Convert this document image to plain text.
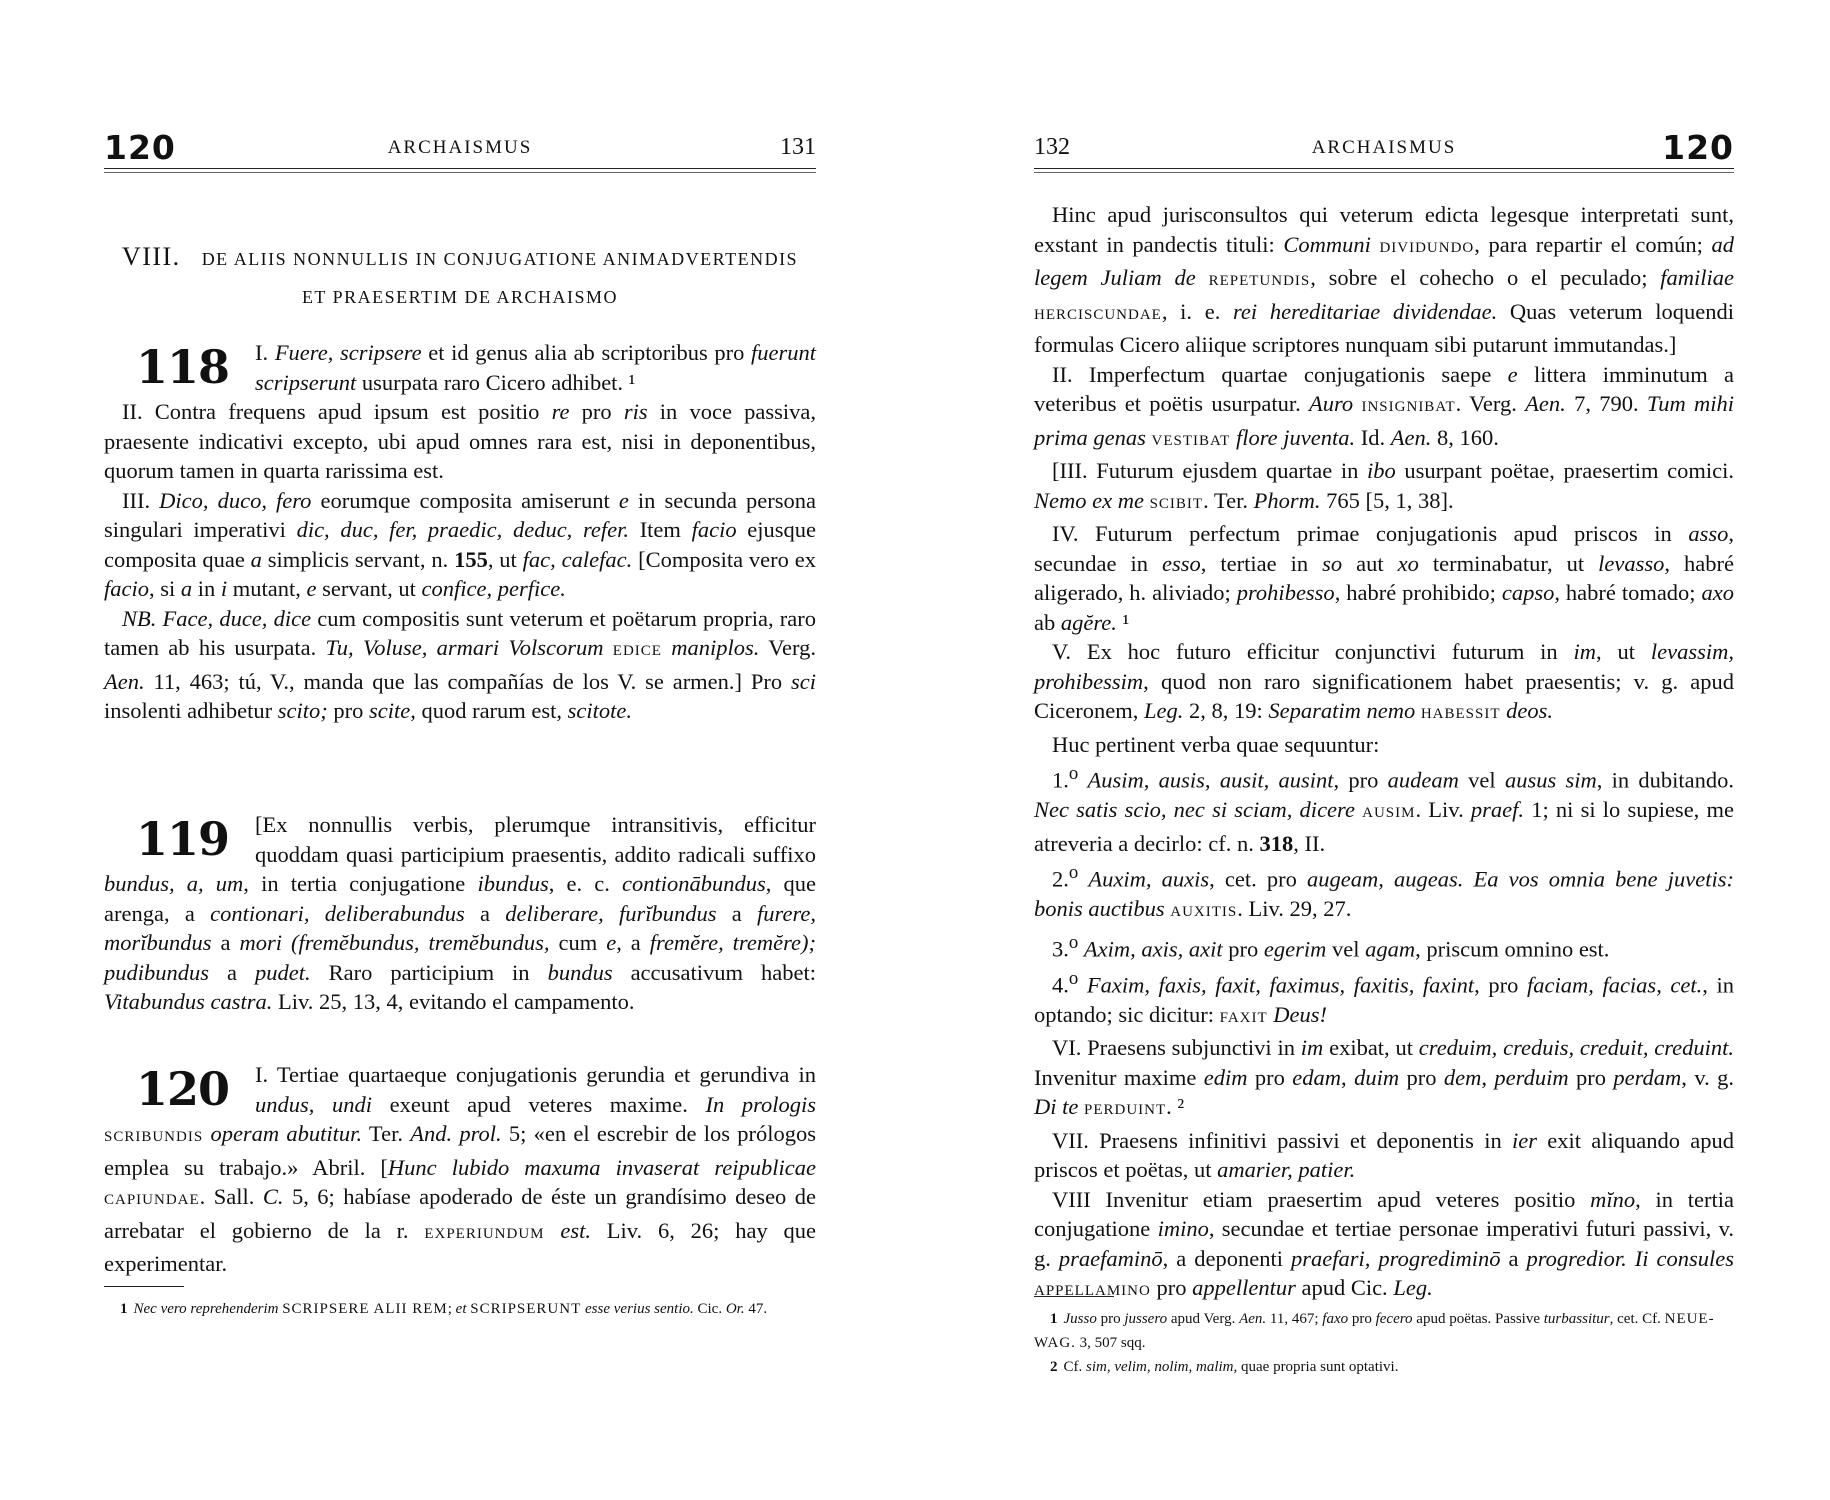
120	ARCHAISMUS	131
VIII. DE ALIIS NONNULLIS IN CONJUGATIONE ANIMADVERTENDIS
ET PRAESERTIM DE ARCHAISMO
118	I. Fuere, scripsere et id genus alia ab scriptoribus pro fuerunt scripserunt usurpata raro Cicero adhibet. ¹

II. Contra frequens apud ipsum est positio re pro ris in voce passiva, praesente indicativi excepto, ubi apud omnes rara est, nisi in deponentibus, quorum tamen in quarta rarissima est.

III. Dico, duco, fero eorumque composita amiserunt e in secunda persona singulari imperativi dic, duc, fer, praedic, deduc, refer. Item facio ejusque composita quae a simplicis servant, n. 155, ut fac, calefac. [Composita vero ex facio, si a in i mutant, e servant, ut confice, perfice.

NB. Face, duce, dice cum compositis sunt veterum et poëtarum propria, raro tamen ab his usurpata. Tu, Voluse, armari Volscorum EDICE maniplos. Verg. Aen. 11, 463; tú, V., manda que las compañías de los V. se armen.] Pro sci insolenti adhibetur scito; pro scite, quod rarum est, scitote.

119	[Ex nonnullis verbis, plerumque intransitivis, efficitur quoddam quasi participium praesentis, addito radicali suffixo bundus, a, um, in tertia conjugatione ibundus, e. c. contionābundus, que arenga, a contionari, deliberabundus a deliberare, furĭbundus a furere, morĭbundus a mori (fremĕbundus, tremĕbundus, cum e, a fremĕre, tremĕre); pudibundus a pudet. Raro participium in bundus accusativum habet: Vitabundus castra. Liv. 25, 13, 4, evitando el campamento.

120	I. Tertiae quartaeque conjugationis gerundia et gerundiva in undus, undi exeunt apud veteres maxime. In prologis SCRIBUNDIS operam abutitur. Ter. And. prol. 5; «en el escrebir de los prólogos emplea su trabajo.» Abril. [Hunc lubido maxuma invaserat reipublicae CAPIUNDAE. Sall. C. 5, 6; habíase apoderado de éste un grandísimo deseo de arrebatar el gobierno de la r. EXPERIUNDUM est. Liv. 6, 26; hay que experimentar.

1 Nec vero reprehenderim SCRIPSERE ALII REM; et SCRIPSERUNT esse verius sentio. Cic. Or. 47.

132	ARCHAISMUS	120

Hinc apud jurisconsultos qui veterum edicta legesque interpretati sunt, exstant in pandectis tituli: Communi DIVIDUNDO, para repartir el común; ad legem Juliam de REPETUNDIS, sobre el cohecho o el peculado; familiae HERCISCUNDAE, i. e. rei hereditariae dividendae. Quas veterum loquendi formulas Cicero aliique scriptores nunquam sibi putarunt immutandas.]

II. Imperfectum quartae conjugationis saepe e littera imminutum a veteribus et poëtis usurpatur. Auro INSIGNIBAT. Verg. Aen. 7, 790. Tum mihi prima genas VESTIBAT flore juventa. Id. Aen. 8, 160.

[III. Futurum ejusdem quartae in ibo usurpant poëtae, praesertim comici. Nemo ex me SCIBIT. Ter. Phorm. 765 [5, 1, 38].

IV. Futurum perfectum primae conjugationis apud priscos in asso, secundae in esso, tertiae in so aut xo terminabatur, ut levasso, habré aligerado, h. aliviado; prohibesso, habré prohibido; capso, habré tomado; axo ab agĕre. ¹

V. Ex hoc futuro efficitur conjunctivi futurum in im, ut levassim, prohibessim, quod non raro significationem habet praesentis; v. g. apud Ciceronem, Leg. 2, 8, 19: Separatim nemo HABESSIT deos.

Huc pertinent verba quae sequuntur:

1.$^o$ Ausim, ausis, ausit, ausint, pro audeam vel ausus sim, in dubitando. Nec satis scio, nec si sciam, dicere AUSIM. Liv. praef. 1; ni si lo supiese, me atreveria a decirlo: cf. n. 318, II.

2.$^o$ Auxim, auxis, cet. pro augeam, augeas. Ea vos omnia bene juvetis: bonis auctibus AUXITIS. Liv. 29, 27.

3.$^o$ Axim, axis, axit pro egerim vel agam, priscum omnino est.

4.$^o$ Faxim, faxis, faxit, faximus, faxitis, faxint, pro faciam, facias, cet., in optando; sic dicitur: FAXIT Deus!

VI. Praesens subjunctivi in im exibat, ut creduim, creduis, creduit, creduint. Invenitur maxime edim pro edam, duim pro dem, perduim pro perdam, v. g. Di te PERDUINT. ²

VII. Praesens infinitivi passivi et deponentis in ier exit aliquando apud priscos et poëtas, ut amarier, patier.

VIII Invenitur etiam praesertim apud veteres positio mĭno, in tertia conjugatione imino, secundae et tertiae personae imperativi futuri passivi, v. g. praefaminō, a deponenti praefari, progrediminō a progredior. Ii consules APPELLAMINO pro appellentur apud Cic. Leg.

1 Jusso pro jussero apud Verg. Aen. 11, 467; faxo pro fecero apud poëtas. Passive turbassitur, cet. Cf. NEUE-WAG. 3, 507 sqq.

2 Cf. sim, velim, nolim, malim, quae propria sunt optativi.
